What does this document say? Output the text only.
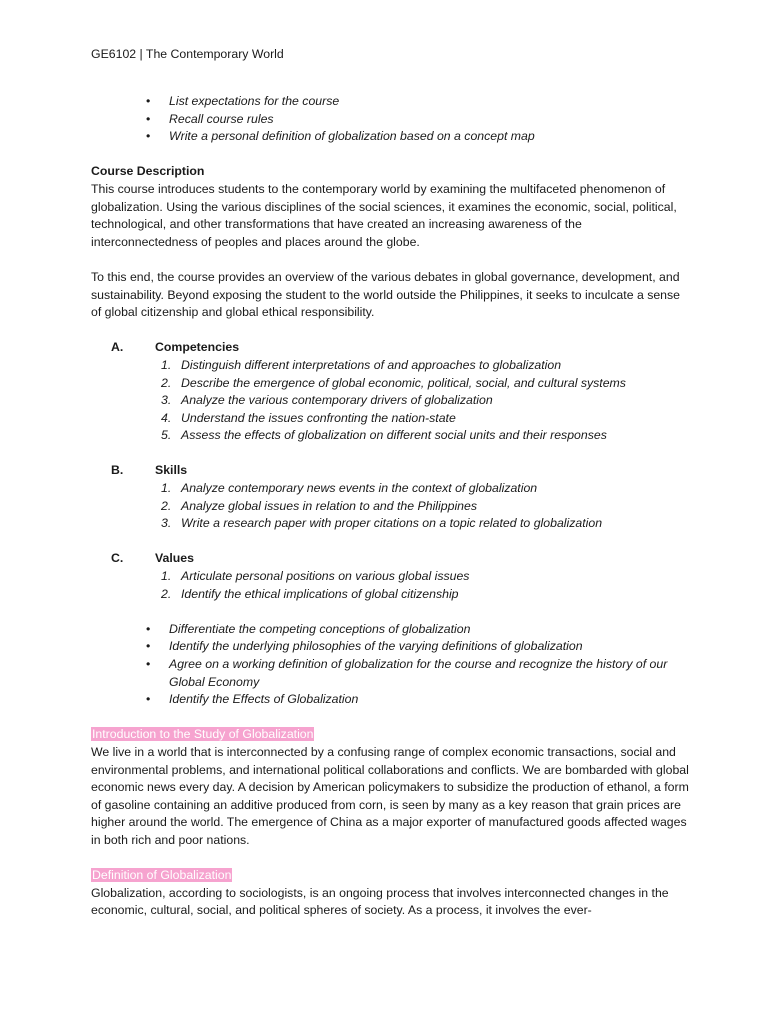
GE6102 | The Contemporary World
• List expectations for the course
• Recall course rules
• Write a personal definition of globalization based on a concept map
Course Description

This course introduces students to the contemporary world by examining the multifaceted phenomenon of globalization. Using the various disciplines of the social sciences, it examines the economic, social, political, technological, and other transformations that have created an increasing awareness of the interconnectedness of peoples and places around the globe.

To this end, the course provides an overview of the various debates in global governance, development, and sustainability. Beyond exposing the student to the world outside the Philippines, it seeks to inculcate a sense of global citizenship and global ethical responsibility.

A.	Competencies
1. Distinguish different interpretations of and approaches to globalization
2. Describe the emergence of global economic, political, social, and cultural systems
3. Analyze the various contemporary drivers of globalization
4. Understand the issues confronting the nation-state
5. Assess the effects of globalization on different social units and their responses
B.	Skills
1. Analyze contemporary news events in the context of globalization
2. Analyze global issues in relation to and the Philippines
3. Write a research paper with proper citations on a topic related to globalization
C.	Values
1. Articulate personal positions on various global issues
2. Identify the ethical implications of global citizenship
• Differentiate the competing conceptions of globalization
• Identify the underlying philosophies of the varying definitions of globalization
• Agree on a working definition of globalization for the course and recognize the history of our Global Economy
• Identify the Effects of Globalization
Introduction to the Study of Globalization

We live in a world that is interconnected by a confusing range of complex economic transactions, social and environmental problems, and international political collaborations and conflicts. We are bombarded with global economic news every day. A decision by American policymakers to subsidize the production of ethanol, a form of gasoline containing an additive produced from corn, is seen by many as a key reason that grain prices are higher around the world. The emergence of China as a major exporter of manufactured goods affected wages in both rich and poor nations.

Definition of Globalization

Globalization, according to sociologists, is an ongoing process that involves interconnected changes in the economic, cultural, social, and political spheres of society. As a process, it involves the ever-
